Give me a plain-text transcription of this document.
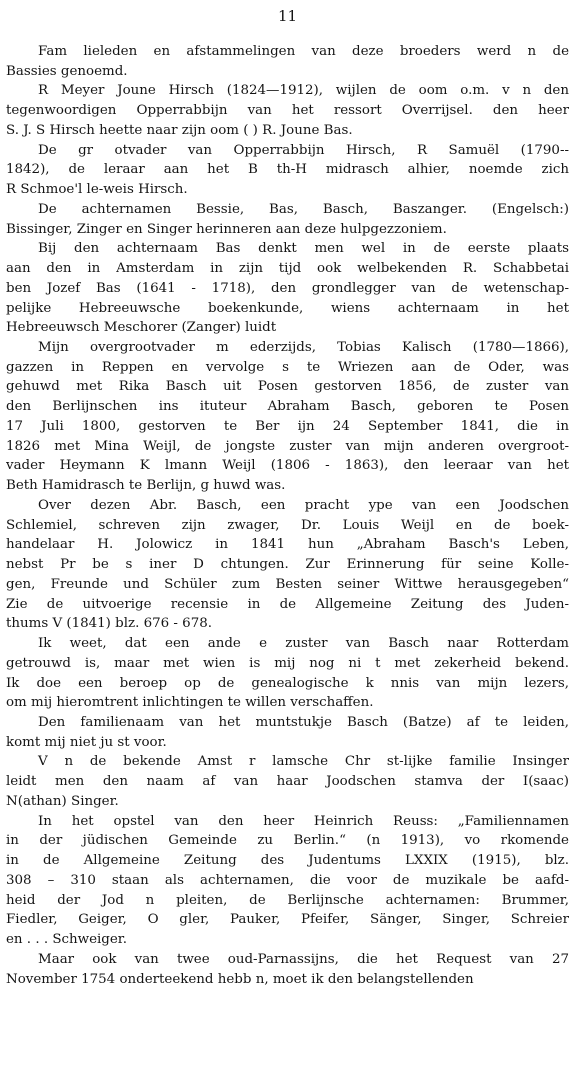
11
Fam lieleden en afstammelingen van deze broeders werd n de
Bassies genoemd.
R Meyer Joune Hirsch (1824—1912), wijlen de oom o.m. v n den
tegenwoordigen Opperrabbijn van het ressort Overrijsel. den heer
S. J. S Hirsch heette naar zijn oom ( ) R. Joune Bas.
De gr otvader van Opperrabbijn Hirsch, R Samuël (1790--
1842), de leraar aan het B th-H midrasch alhier, noemde zich
R Schmoe'l le-weis Hirsch.
De achternamen Bessie, Bas, Basch, Baszanger. (Engelsch:)
Bissinger, Zinger en Singer herinneren aan deze hulpgezzoniem.
Bij den achternaam Bas denkt men wel in de eerste plaats
aan den in Amsterdam in zijn tijd ook welbekenden R. Schabbetai
ben Jozef Bas (1641 - 1718), den grondlegger van de wetenschap-
pelijke Hebreeuwsche boekenkunde, wiens achternaam in het
Hebreeuwsch Meschorer (Zanger) luidt
Mijn overgrootvader m ederzijds, Tobias Kalisch (1780—1866),
gazzen in Reppen en vervolge s te Wriezen aan de Oder, was
gehuwd met Rika Basch uit Posen gestorven 1856, de zuster van
den Berlijnschen ins ituteur Abraham Basch, geboren te Posen
17 Juli 1800, gestorven te Ber ijn 24 September 1841, die in
1826 met Mina Weijl, de jongste zuster van mijn anderen overgroot-
vader Heymann K lmann Weijl (1806 - 1863), den leeraar van het
Beth Hamidrasch te Berlijn, g huwd was.
Over dezen Abr. Basch, een pracht ype van een Joodschen
Schlemiel, schreven zijn zwager, Dr. Louis Weijl en de boek-
handelaar H. Jolowicz in 1841 hun „Abraham Basch's Leben,
nebst Pr be s iner D chtungen. Zur Erinnerung für seine Kolle-
gen, Freunde und Schüler zum Besten seiner Wittwe herausgegeben“
Zie de uitvoerige recensie in de Allgemeine Zeitung des Juden-
thums V (1841) blz. 676 - 678.
Ik weet, dat een ande e zuster van Basch naar Rotterdam
getrouwd is, maar met wien is mij nog ni t met zekerheid bekend.
Ik doe een beroep op de genealogische k nnis van mijn lezers,
om mij hieromtrent inlichtingen te willen verschaffen.
Den familienaam van het muntstukje Basch (Batze) af te leiden,
komt mij niet ju st voor.
V n de bekende Amst r lamsche Chr st-lijke familie Insinger
leidt men den naam af van haar Joodschen stamva der I(saac)
N(athan) Singer.
In het opstel van den heer Heinrich Reuss: „Familiennamen
in der jüdischen Gemeinde zu Berlin.“ (n 1913), vo rkomende
in de Allgemeine Zeitung des Judentums LXXIX (1915), blz.
308 – 310 staan als achternamen, die voor de muzikale be aafd-
heid der Jod n pleiten, de Berlijnsche achternamen: Brummer,
Fiedler, Geiger, O gler, Pauker, Pfeifer, Sänger, Singer, Schreier
en . . . Schweiger.
Maar ook van twee oud-Parnassijns, die het Request van 27
November 1754 onderteekend hebb n, moet ik den belangstellenden
